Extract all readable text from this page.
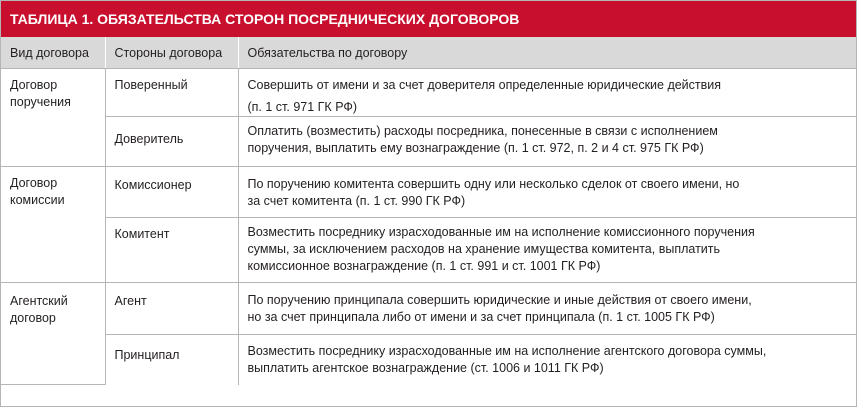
ТАБЛИЦА 1. ОБЯЗАТЕЛЬСТВА СТОРОН ПОСРЕДНИЧЕСКИХ ДОГОВОРОВ
Вид договора	Стороны договора	Обязательства по договору
Договор
поручения	Поверенный	Совершить от имени и за счет доверителя определенные юридические действия

(п. 1 ст. 971 ГК РФ)

	Доверитель	Оплатить (возместить) расходы посредника, понесенные в связи с исполнением
поручения, выплатить ему вознаграждение (п. 1 ст. 972, п. 2 и 4 ст. 975 ГК РФ)
Договор
комиссии	Комиссионер	По поручению комитента совершить одну или несколько сделок от своего имени, но
за счет комитента (п. 1 ст. 990 ГК РФ)
	Комитент	Возместить посреднику израсходованные им на исполнение комиссионного поручения
суммы, за исключением расходов на хранение имущества комитента, выплатить
комиссионное вознаграждение (п. 1 ст. 991 и ст. 1001 ГК РФ)
Агентский
договор	Агент	По поручению принципала совершить юридические и иные действия от своего имени,
но за счет принципала либо от имени и за счет принципала (п. 1 ст. 1005 ГК РФ)
	Принципал	Возместить посреднику израсходованные им на исполнение агентского договора суммы,
выплатить агентское вознаграждение (ст. 1006 и 1011 ГК РФ)
